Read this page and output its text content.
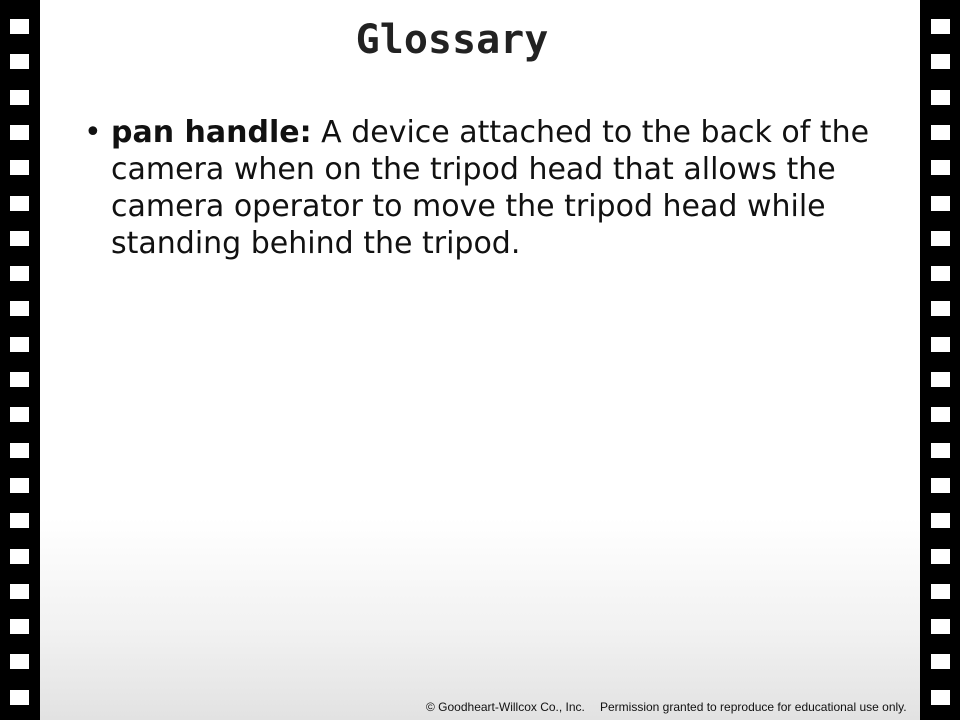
Glossary
• pan handle: A device attached to the back of the camera when on the tripod head that allows the camera operator to move the tripod head while standing behind the tripod.
© Goodheart-Willcox Co., Inc. Permission granted to reproduce for educational use only.
